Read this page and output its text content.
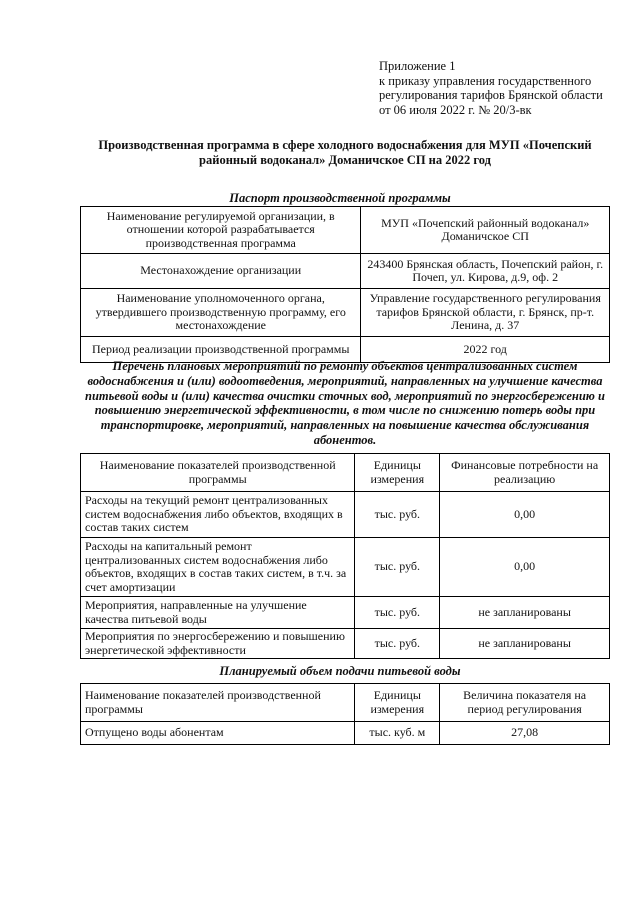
Приложение 1
к приказу управления государственного
регулирования тарифов Брянской области
от 06 июля 2022 г. № 20/3-вк
Производственная программа в сфере холодного водоснабжения для МУП «Почепский
районный водоканал» Доманичское СП на 2022 год
Паспорт производственной программы
Наименование регулируемой организации, в отношении которой разрабатывается производственная программа	МУП «Почепский районный водоканал» Доманичское СП
Местонахождение организации	243400 Брянская область, Почепский район, г. Почеп, ул. Кирова, д.9, оф. 2
Наименование уполномоченного органа, утвердившего производственную программу, его местонахождение	Управление государственного регулирования тарифов Брянской области, г. Брянск, пр-т. Ленина, д. 37
Период реализации производственной программы	2022 год
Перечень плановых мероприятий по ремонту объектов централизованных систем водоснабжения и (или) водоотведения, мероприятий, направленных на улучшение качества питьевой воды и (или) качества очистки сточных вод, мероприятий по энергосбережению и повышению энергетической эффективности, в том числе по снижению потерь воды при транспортировке, мероприятий, направленных на повышение качества обслуживания абонентов.
Наименование показателей производственной программы	Единицы измерения	Финансовые потребности на реализацию
Расходы на текущий ремонт централизованных систем водоснабжения либо объектов, входящих в состав таких систем	тыс. руб.	0,00
Расходы на капитальный ремонт централизованных систем водоснабжения либо объектов, входящих в состав таких систем, в т.ч. за счет амортизации	тыс. руб.	0,00
Мероприятия, направленные на улучшение качества питьевой воды	тыс. руб.	не запланированы
Мероприятия по энергосбережению и повышению энергетической эффективности	тыс. руб.	не запланированы
Планируемый объем подачи питьевой воды
Наименование показателей производственной программы	Единицы измерения	Величина показателя на период регулирования
Отпущено воды абонентам	тыс. куб. м	27,08
